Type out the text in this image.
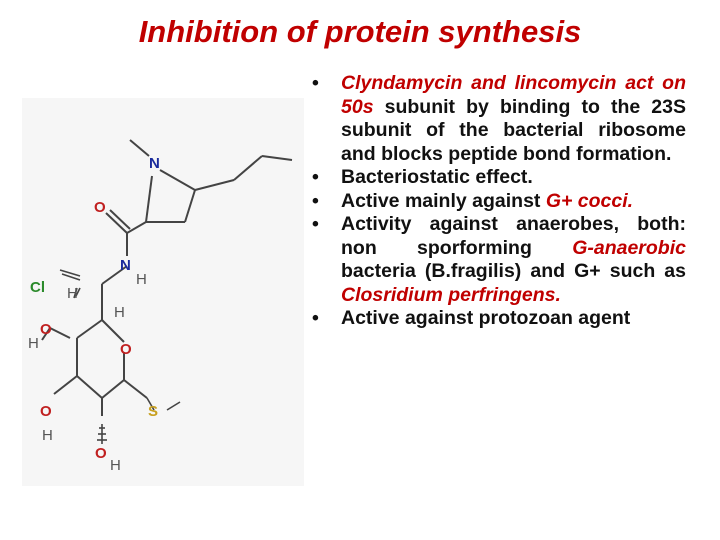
Inhibition of protein synthesis
N
O
N
H
Cl H
H
O
H	O
S
O
H
O
H
• Clyndamycin and lincomycin act on 50s subunit by binding to the 23S subunit of the bacterial ribosome and blocks peptide bond formation.
• Bacteriostatic effect.
• Active mainly against G+ cocci.
• Activity against anaerobes, both: non sporforming G-anaerobic bacteria (B.fragilis) and G+ such as Closridium perfringens.
• Active against protozoan agent
